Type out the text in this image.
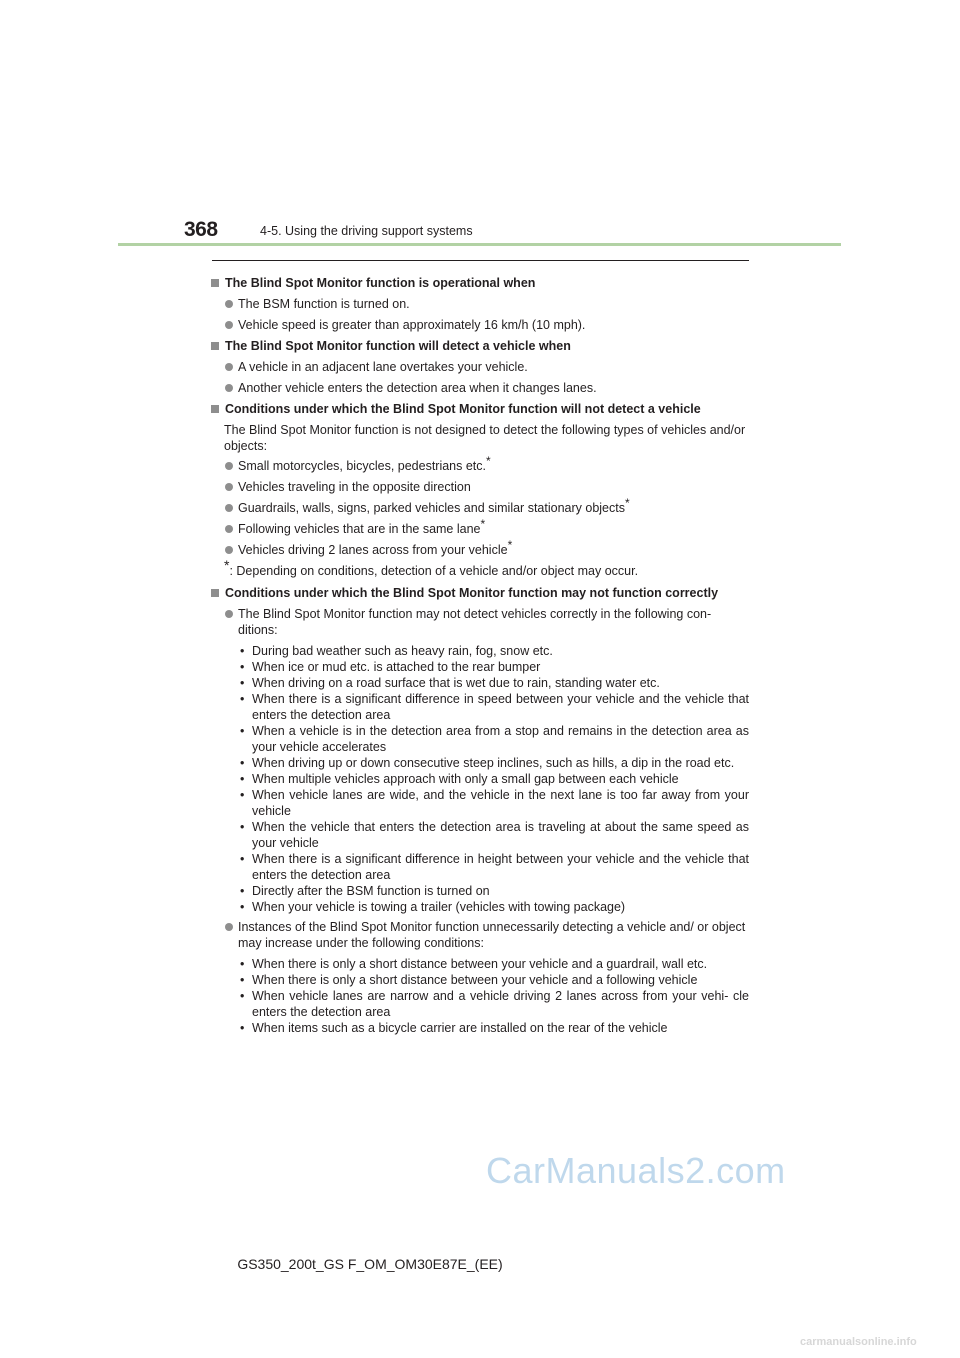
368	4-5. Using the driving support systems
The Blind Spot Monitor function is operational when
The BSM function is turned on.
Vehicle speed is greater than approximately 16 km/h (10 mph).
The Blind Spot Monitor function will detect a vehicle when
A vehicle in an adjacent lane overtakes your vehicle.
Another vehicle enters the detection area when it changes lanes.
Conditions under which the Blind Spot Monitor function will not detect a vehicle
The Blind Spot Monitor function is not designed to detect the following types of vehicles and/or objects:
Small motorcycles, bicycles, pedestrians etc.*
Vehicles traveling in the opposite direction
Guardrails, walls, signs, parked vehicles and similar stationary objects*
Following vehicles that are in the same lane*
Vehicles driving 2 lanes across from your vehicle*
*: Depending on conditions, detection of a vehicle and/or object may occur.
Conditions under which the Blind Spot Monitor function may not function correctly
The Blind Spot Monitor function may not detect vehicles correctly in the following con- ditions:
• During bad weather such as heavy rain, fog, snow etc.
• When ice or mud etc. is attached to the rear bumper
• When driving on a road surface that is wet due to rain, standing water etc.
• When there is a significant difference in speed between your vehicle and the vehicle that enters the detection area
• When a vehicle is in the detection area from a stop and remains in the detection area as your vehicle accelerates
• When driving up or down consecutive steep inclines, such as hills, a dip in the road etc.
• When multiple vehicles approach with only a small gap between each vehicle
• When vehicle lanes are wide, and the vehicle in the next lane is too far away from your vehicle
• When the vehicle that enters the detection area is traveling at about the same speed as your vehicle
• When there is a significant difference in height between your vehicle and the vehicle that enters the detection area
• Directly after the BSM function is turned on
• When your vehicle is towing a trailer (vehicles with towing package)
Instances of the Blind Spot Monitor function unnecessarily detecting a vehicle and/ or object may increase under the following conditions:
• When there is only a short distance between your vehicle and a guardrail, wall etc.
• When there is only a short distance between your vehicle and a following vehicle
• When vehicle lanes are narrow and a vehicle driving 2 lanes across from your vehi- cle enters the detection area
• When items such as a bicycle carrier are installed on the rear of the vehicle
CarManuals2.com
GS350_200t_GS F_OM_OM30E87E_(EE)
carmanualsonline.info
